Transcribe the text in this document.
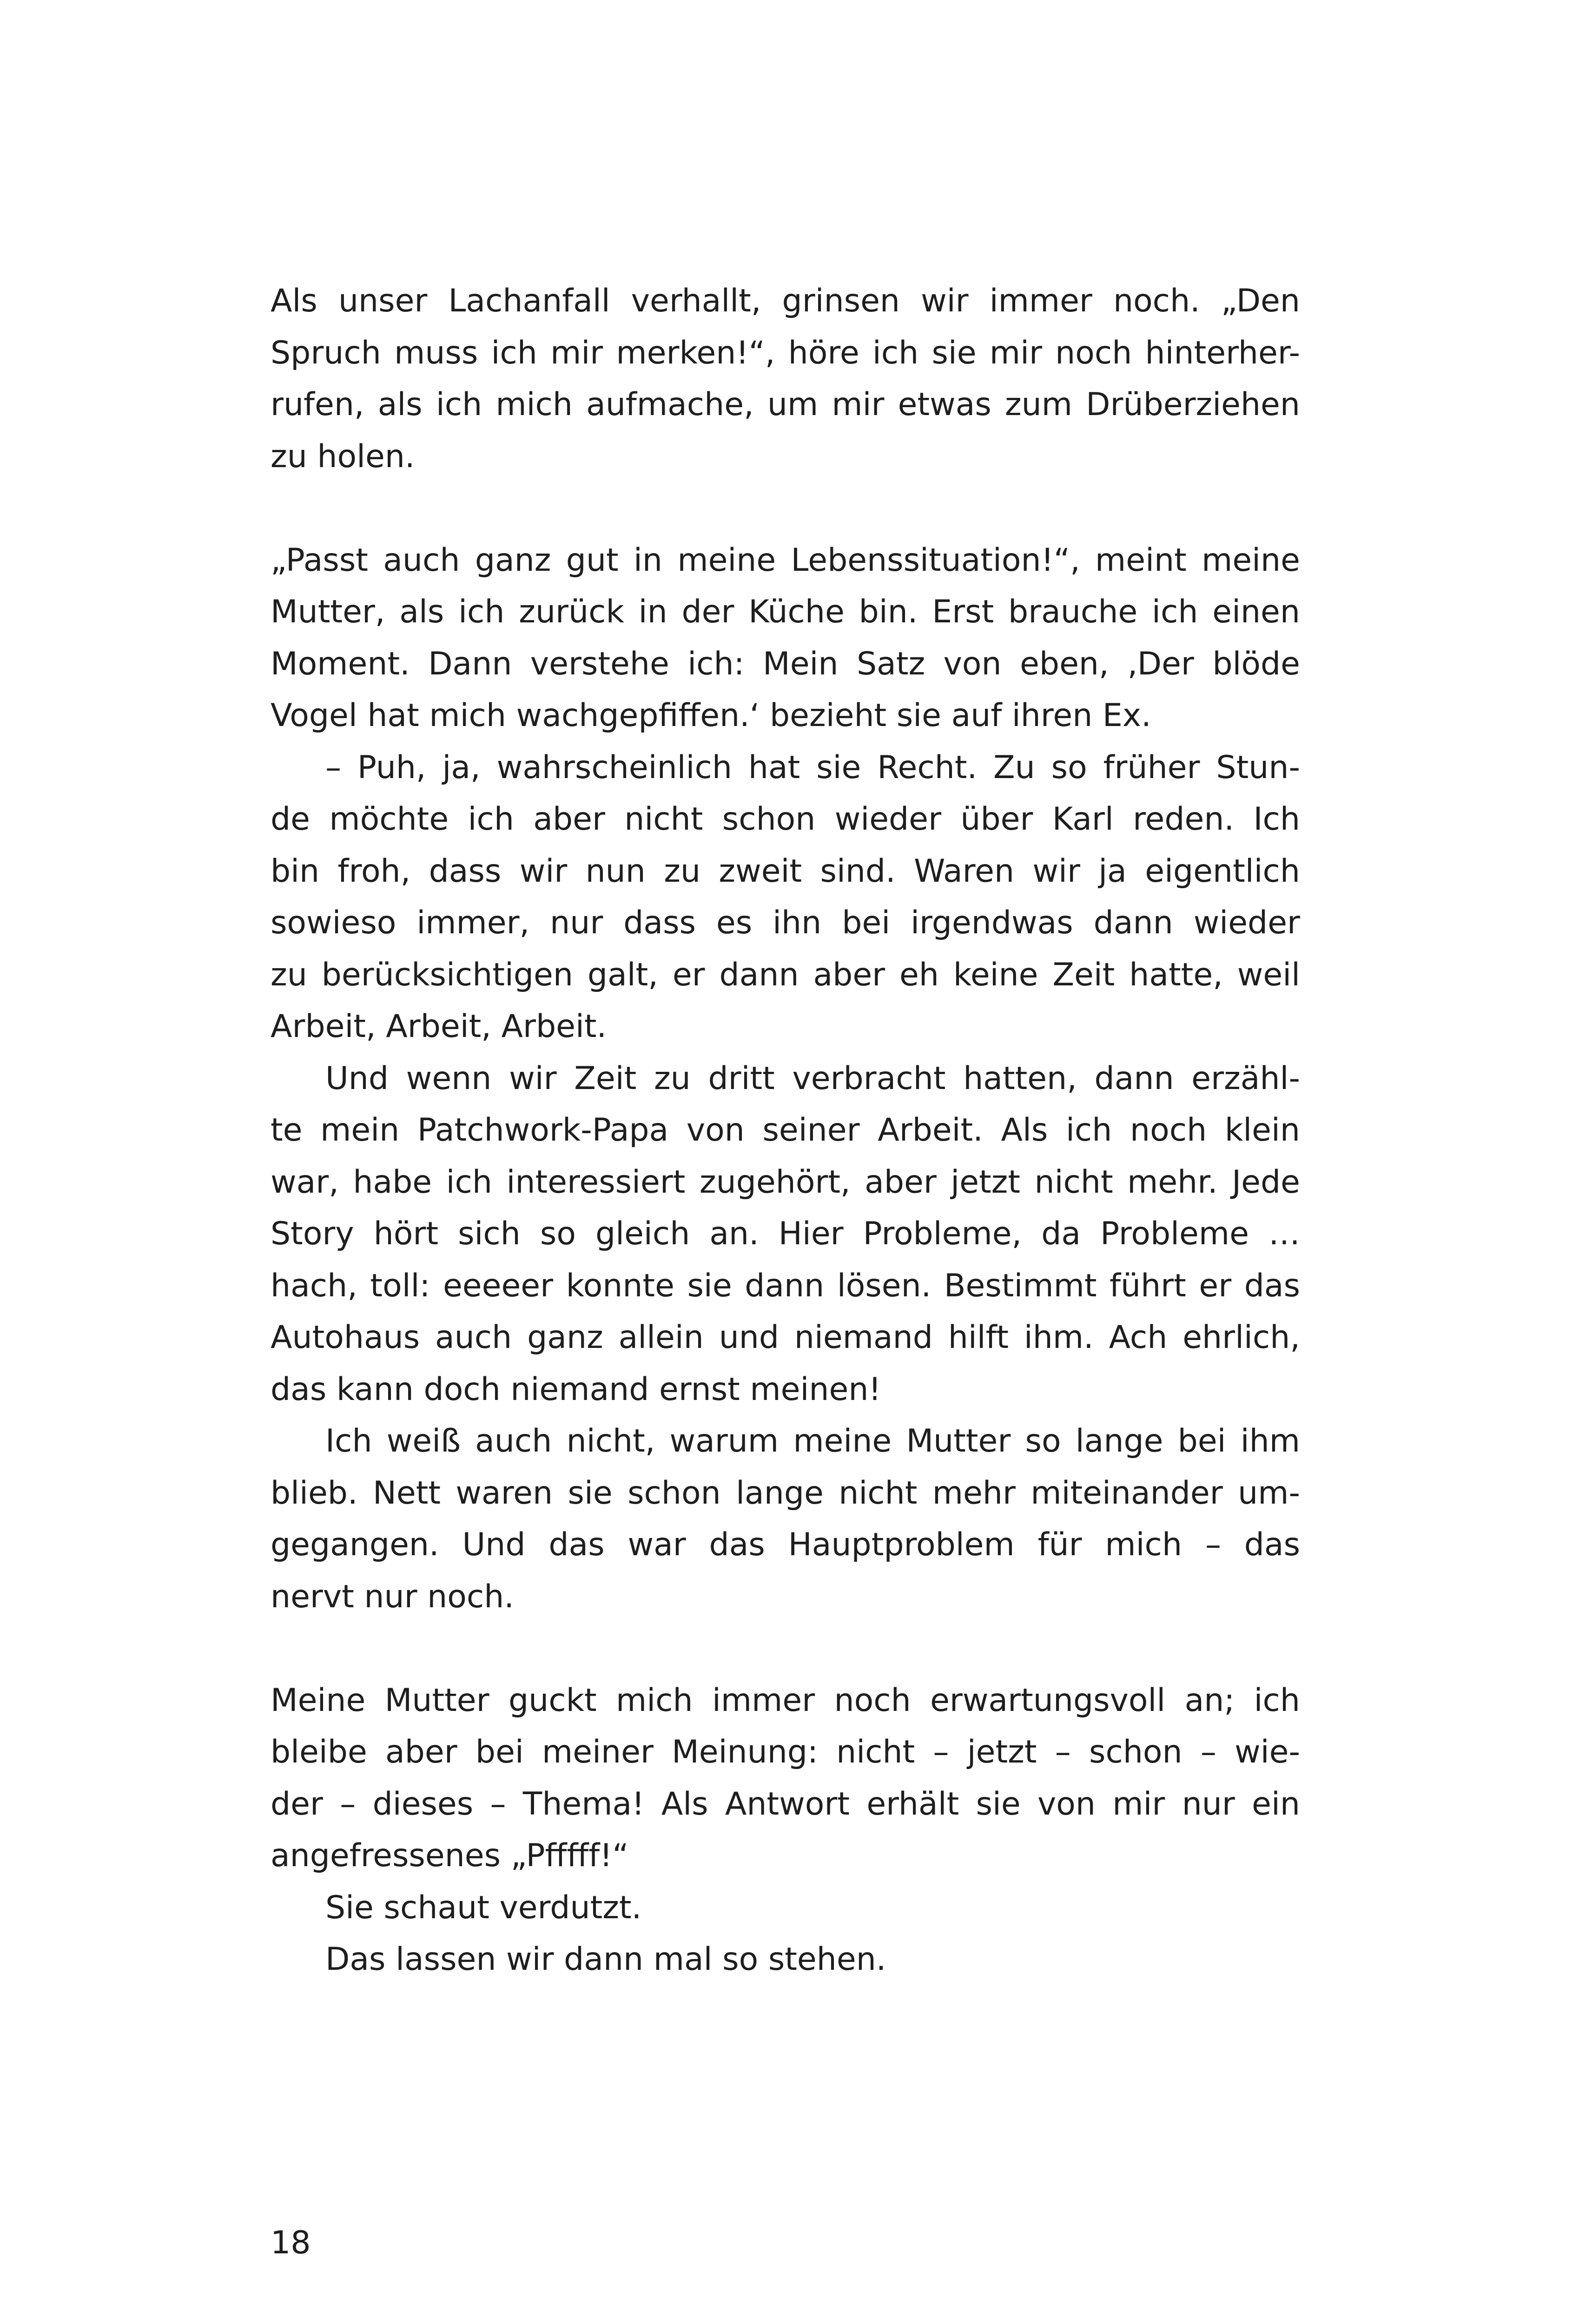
Als unser Lachanfall verhallt, grinsen wir immer noch. „Den
Spruch muss ich mir merken!“, höre ich sie mir noch hinterher-
rufen, als ich mich aufmache, um mir etwas zum Drüberziehen
zu holen.
„Passt auch ganz gut in meine Lebenssituation!“, meint meine
Mutter, als ich zurück in der Küche bin. Erst brauche ich einen
Moment. Dann verstehe ich: Mein Satz von eben, ‚Der blöde
Vogel hat mich wachgepfiffen.‘ bezieht sie auf ihren Ex.
– Puh, ja, wahrscheinlich hat sie Recht. Zu so früher Stun-
de möchte ich aber nicht schon wieder über Karl reden. Ich
bin froh, dass wir nun zu zweit sind. Waren wir ja eigentlich
sowieso immer, nur dass es ihn bei irgendwas dann wieder
zu berücksichtigen galt, er dann aber eh keine Zeit hatte, weil
Arbeit, Arbeit, Arbeit.
Und wenn wir Zeit zu dritt verbracht hatten, dann erzähl-
te mein Patchwork-Papa von seiner Arbeit. Als ich noch klein
war, habe ich interessiert zugehört, aber jetzt nicht mehr. Jede
Story hört sich so gleich an. Hier Probleme, da Probleme …
hach, toll: eeeeer konnte sie dann lösen. Bestimmt führt er das
Autohaus auch ganz allein und niemand hilft ihm. Ach ehrlich,
das kann doch niemand ernst meinen!
Ich weiß auch nicht, warum meine Mutter so lange bei ihm
blieb. Nett waren sie schon lange nicht mehr miteinander um-
gegangen. Und das war das Hauptproblem für mich – das
nervt nur noch.
Meine Mutter guckt mich immer noch erwartungsvoll an; ich
bleibe aber bei meiner Meinung: nicht – jetzt – schon – wie-
der – dieses – Thema! Als Antwort erhält sie von mir nur ein
angefressenes „Pfffff!“
Sie schaut verdutzt.
Das lassen wir dann mal so stehen.
18
